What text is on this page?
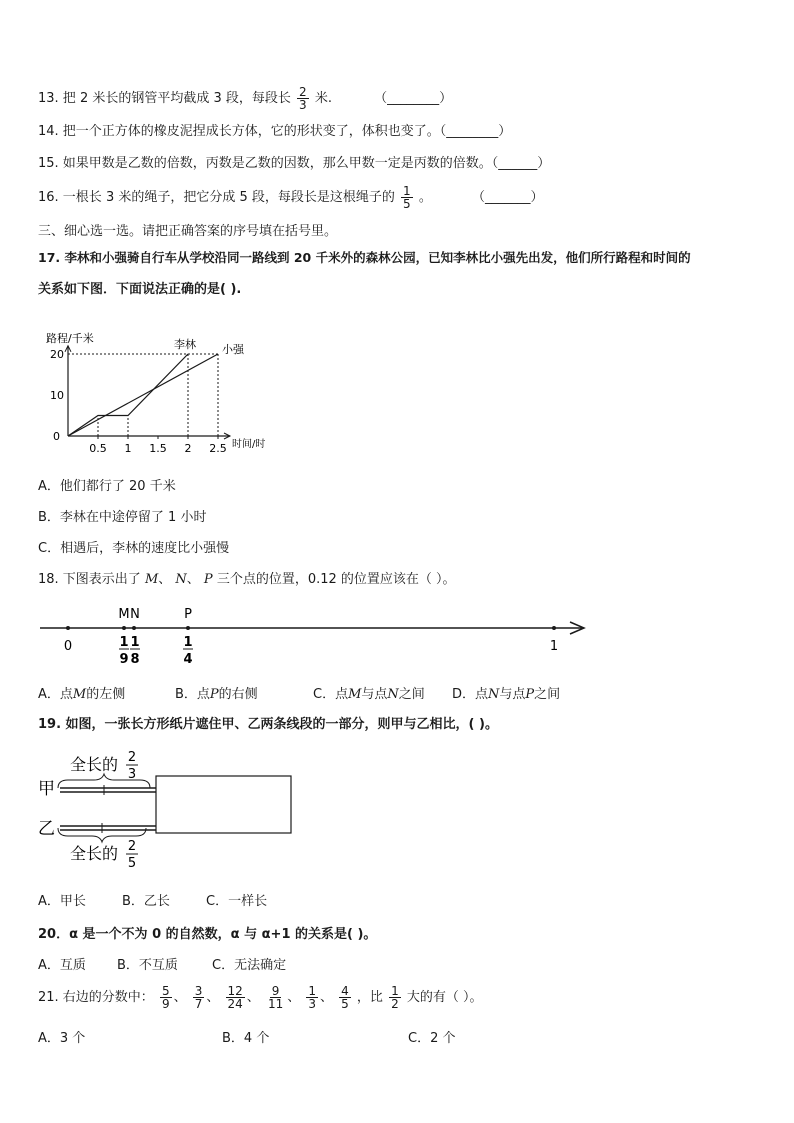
13. 把 2 米长的钢管平均截成 3 段，每段长 $\frac{2}{3}$ 米.	（________）
14. 把一个正方体的橡皮泥捏成长方体，它的形状变了，体积也变了。（________）
15. 如果甲数是乙数的倍数，丙数是乙数的因数，那么甲数一定是丙数的倍数。（______）
16. 一根长 3 米的绳子，把它分成 5 段，每段长是这根绳子的 $\frac{1}{5}$ 。	（_______）
三、细心选一选。请把正确答案的序号填在括号里。
17. 李林和小强骑自行车从学校沿同一路线到 20 千米外的森林公园，已知李林比小强先出发，他们所行路程和时间的
关系如下图．下面说法正确的是( ).
路程/千米
时间/时
0
10
20
0.5 1 1.5 2 2.5
李林 小强
A．他们都行了 20 千米
B．李林在中途停留了 1 小时
C．相遇后，李林的速度比小强慢
18. 下图表示出了 M、 N、 P 三个点的位置，0.12 的位置应该在（ ）。
0	1
M N	P
1
9
1
8
1
4
A．点M的左侧	B．点P的右侧	C．点M与点N之间 D．点N与点P之间
19. 如图，一张长方形纸片遮住甲、乙两条线段的一部分，则甲与乙相比，( )。
全长的 2
3
甲
乙
全长的 2
5
A．甲长	B．乙长	C．一样长
20．α 是一个不为 0 的自然数，α 与 α+1 的关系是( )。
A．互质 B．不互质	C．无法确定
21. 右边的分数中： $\frac{5}{9}$ 、 $\frac{3}{7}$ 、 $\frac{12}{24}$ 、 $\frac{9}{11}$ 、 $\frac{1}{3}$ 、 $\frac{4}{5}$ ，比 $\frac{1}{2}$ 大的有（ ）。
A．3 个	B．4 个	C．2 个
